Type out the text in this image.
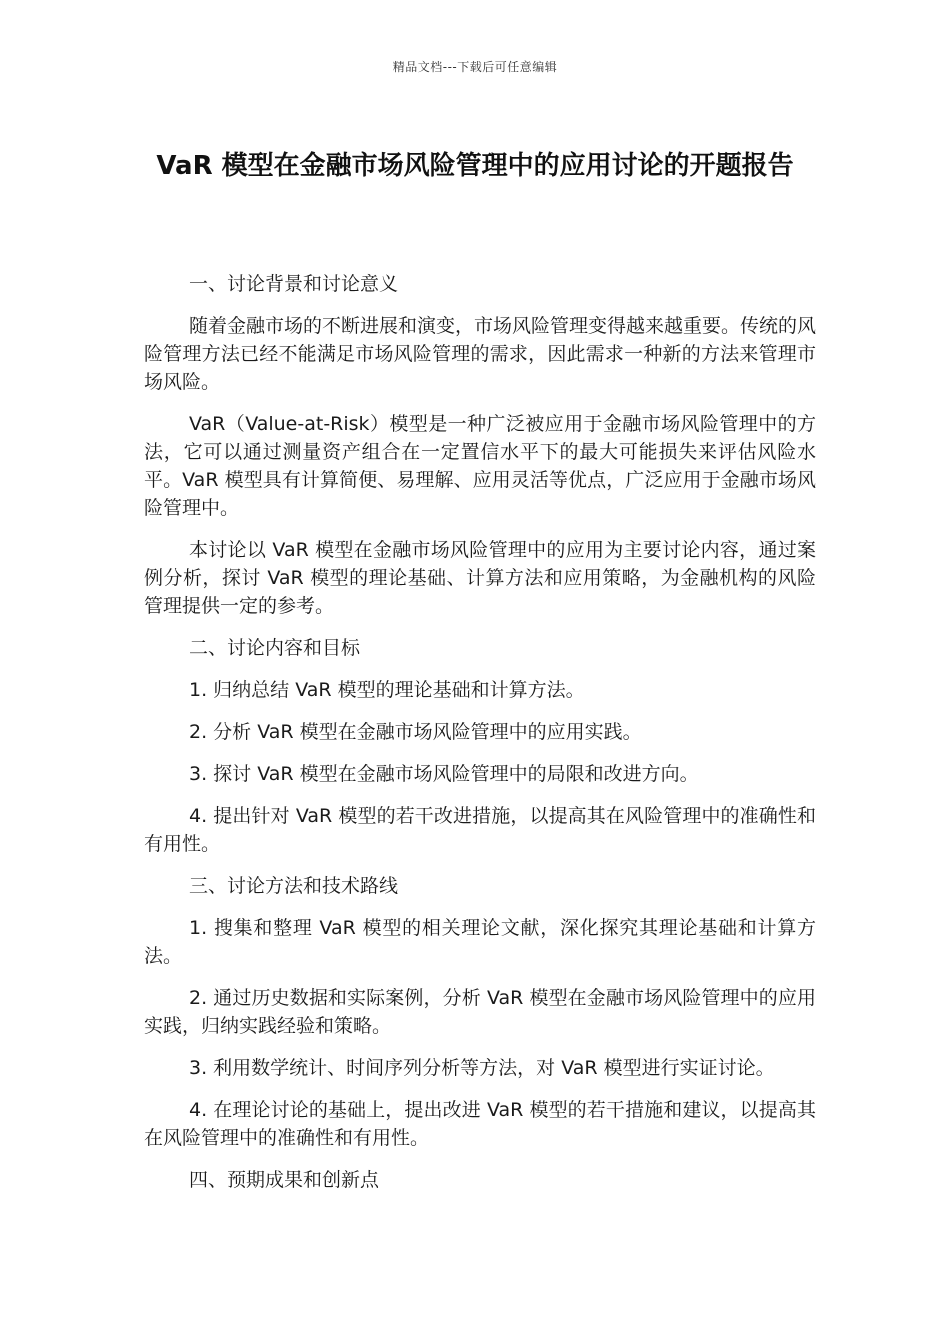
精品文档---下载后可任意编辑
VaR 模型在金融市场风险管理中的应用讨论的开题报告

一、讨论背景和讨论意义

随着金融市场的不断进展和演变，市场风险管理变得越来越重要。传统的风险管理方法已经不能满足市场风险管理的需求，因此需求一种新的方法来管理市场风险。

VaR（Value-at-Risk）模型是一种广泛被应用于金融市场风险管理中的方法，它可以通过测量资产组合在一定置信水平下的最大可能损失来评估风险水平。VaR 模型具有计算简便、易理解、应用灵活等优点，广泛应用于金融市场风险管理中。

本讨论以 VaR 模型在金融市场风险管理中的应用为主要讨论内容，通过案例分析，探讨 VaR 模型的理论基础、计算方法和应用策略，为金融机构的风险管理提供一定的参考。

二、讨论内容和目标

1. 归纳总结 VaR 模型的理论基础和计算方法。

2. 分析 VaR 模型在金融市场风险管理中的应用实践。

3. 探讨 VaR 模型在金融市场风险管理中的局限和改进方向。

4. 提出针对 VaR 模型的若干改进措施，以提高其在风险管理中的准确性和有用性。

三、讨论方法和技术路线

1. 搜集和整理 VaR 模型的相关理论文献，深化探究其理论基础和计算方法。

2. 通过历史数据和实际案例，分析 VaR 模型在金融市场风险管理中的应用实践，归纳实践经验和策略。

3. 利用数学统计、时间序列分析等方法，对 VaR 模型进行实证讨论。

4. 在理论讨论的基础上，提出改进 VaR 模型的若干措施和建议，以提高其在风险管理中的准确性和有用性。

四、预期成果和创新点
